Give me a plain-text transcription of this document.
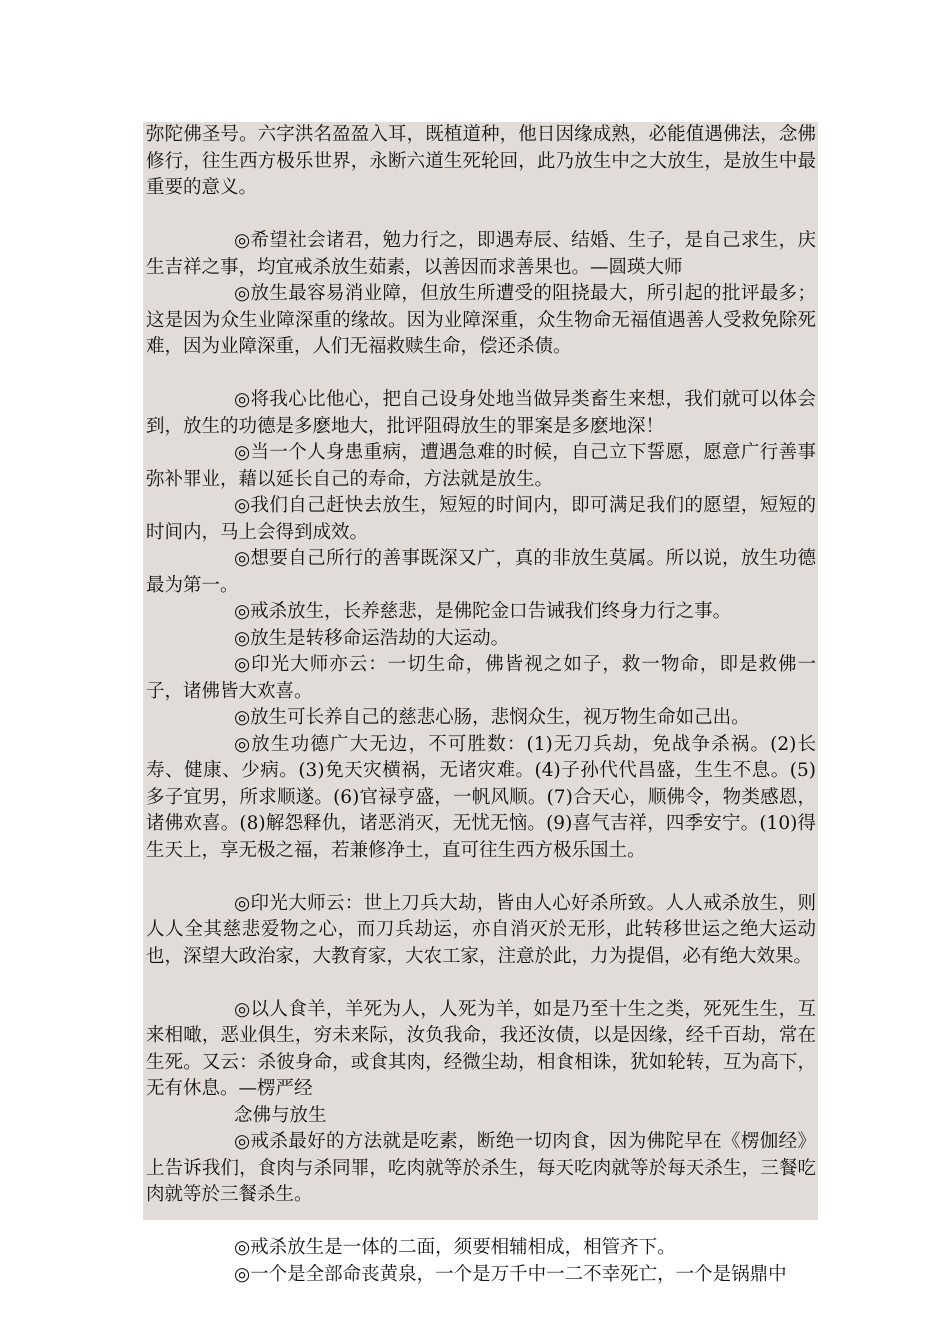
弥陀佛圣号。六字洪名盈盈入耳，既植道种，他日因缘成熟，必能值遇佛法，念佛修行，往生西方极乐世界，永断六道生死轮回，此乃放生中之大放生，是放生中最重要的意义。

◎希望社会诸君，勉力行之，即遇寿辰、结婚、生子，是自己求生，庆生吉祥之事，均宜戒杀放生茹素，以善因而求善果也。—圆瑛大师

◎放生最容易消业障，但放生所遭受的阻挠最大，所引起的批评最多；这是因为众生业障深重的缘故。因为业障深重，众生物命无福值遇善人受救免除死难，因为业障深重，人们无福救赎生命，偿还杀债。

◎将我心比他心，把自己设身处地当做异类畜生来想，我们就可以体会到，放生的功德是多麽地大，批评阻碍放生的罪案是多麽地深！

◎当一个人身患重病，遭遇急难的时候，自己立下誓愿，愿意广行善事弥补罪业，藉以延长自己的寿命，方法就是放生。

◎我们自己赶快去放生，短短的时间内，即可满足我们的愿望，短短的时间内，马上会得到成效。

◎想要自己所行的善事既深又广，真的非放生莫属。所以说，放生功德最为第一。

◎戒杀放生，长养慈悲，是佛陀金口告诫我们终身力行之事。

◎放生是转移命运浩劫的大运动。

◎印光大师亦云：一切生命，佛皆视之如子，救一物命，即是救佛一子，诸佛皆大欢喜。

◎放生可长养自己的慈悲心肠，悲悯众生，视万物生命如己出。

◎放生功德广大无边，不可胜数：(1)无刀兵劫，免战争杀祸。(2)长寿、健康、少病。(3)免天灾横祸，无诸灾难。(4)子孙代代昌盛，生生不息。(5)多子宜男，所求顺遂。(6)官禄亨盛，一帆风顺。(7)合天心，顺佛令，物类感恩，诸佛欢喜。(8)解怨释仇，诸恶消灭，无忧无恼。(9)喜气吉祥，四季安宁。(10)得生天上，享无极之福，若兼修净土，直可往生西方极乐国土。

◎印光大师云：世上刀兵大劫，皆由人心好杀所致。人人戒杀放生，则人人全其慈悲爱物之心，而刀兵劫运，亦自消灭於无形，此转移世运之绝大运动也，深望大政治家，大教育家，大农工家，注意於此，力为提倡，必有绝大效果。

◎以人食羊，羊死为人，人死为羊，如是乃至十生之类，死死生生，互来相噉，恶业俱生，穷未来际，汝负我命，我还汝债，以是因缘，经千百劫，常在生死。又云：杀彼身命，或食其肉，经微尘劫，相食相诛，犹如轮转，互为高下，无有休息。—楞严经

念佛与放生

◎戒杀最好的方法就是吃素，断绝一切肉食，因为佛陀早在《楞伽经》上告诉我们，食肉与杀同罪，吃肉就等於杀生，每天吃肉就等於每天杀生，三餐吃肉就等於三餐杀生。

◎戒杀放生是一体的二面，须要相辅相成，相管齐下。

◎一个是全部命丧黄泉，一个是万千中一二不幸死亡，一个是锅鼎中
